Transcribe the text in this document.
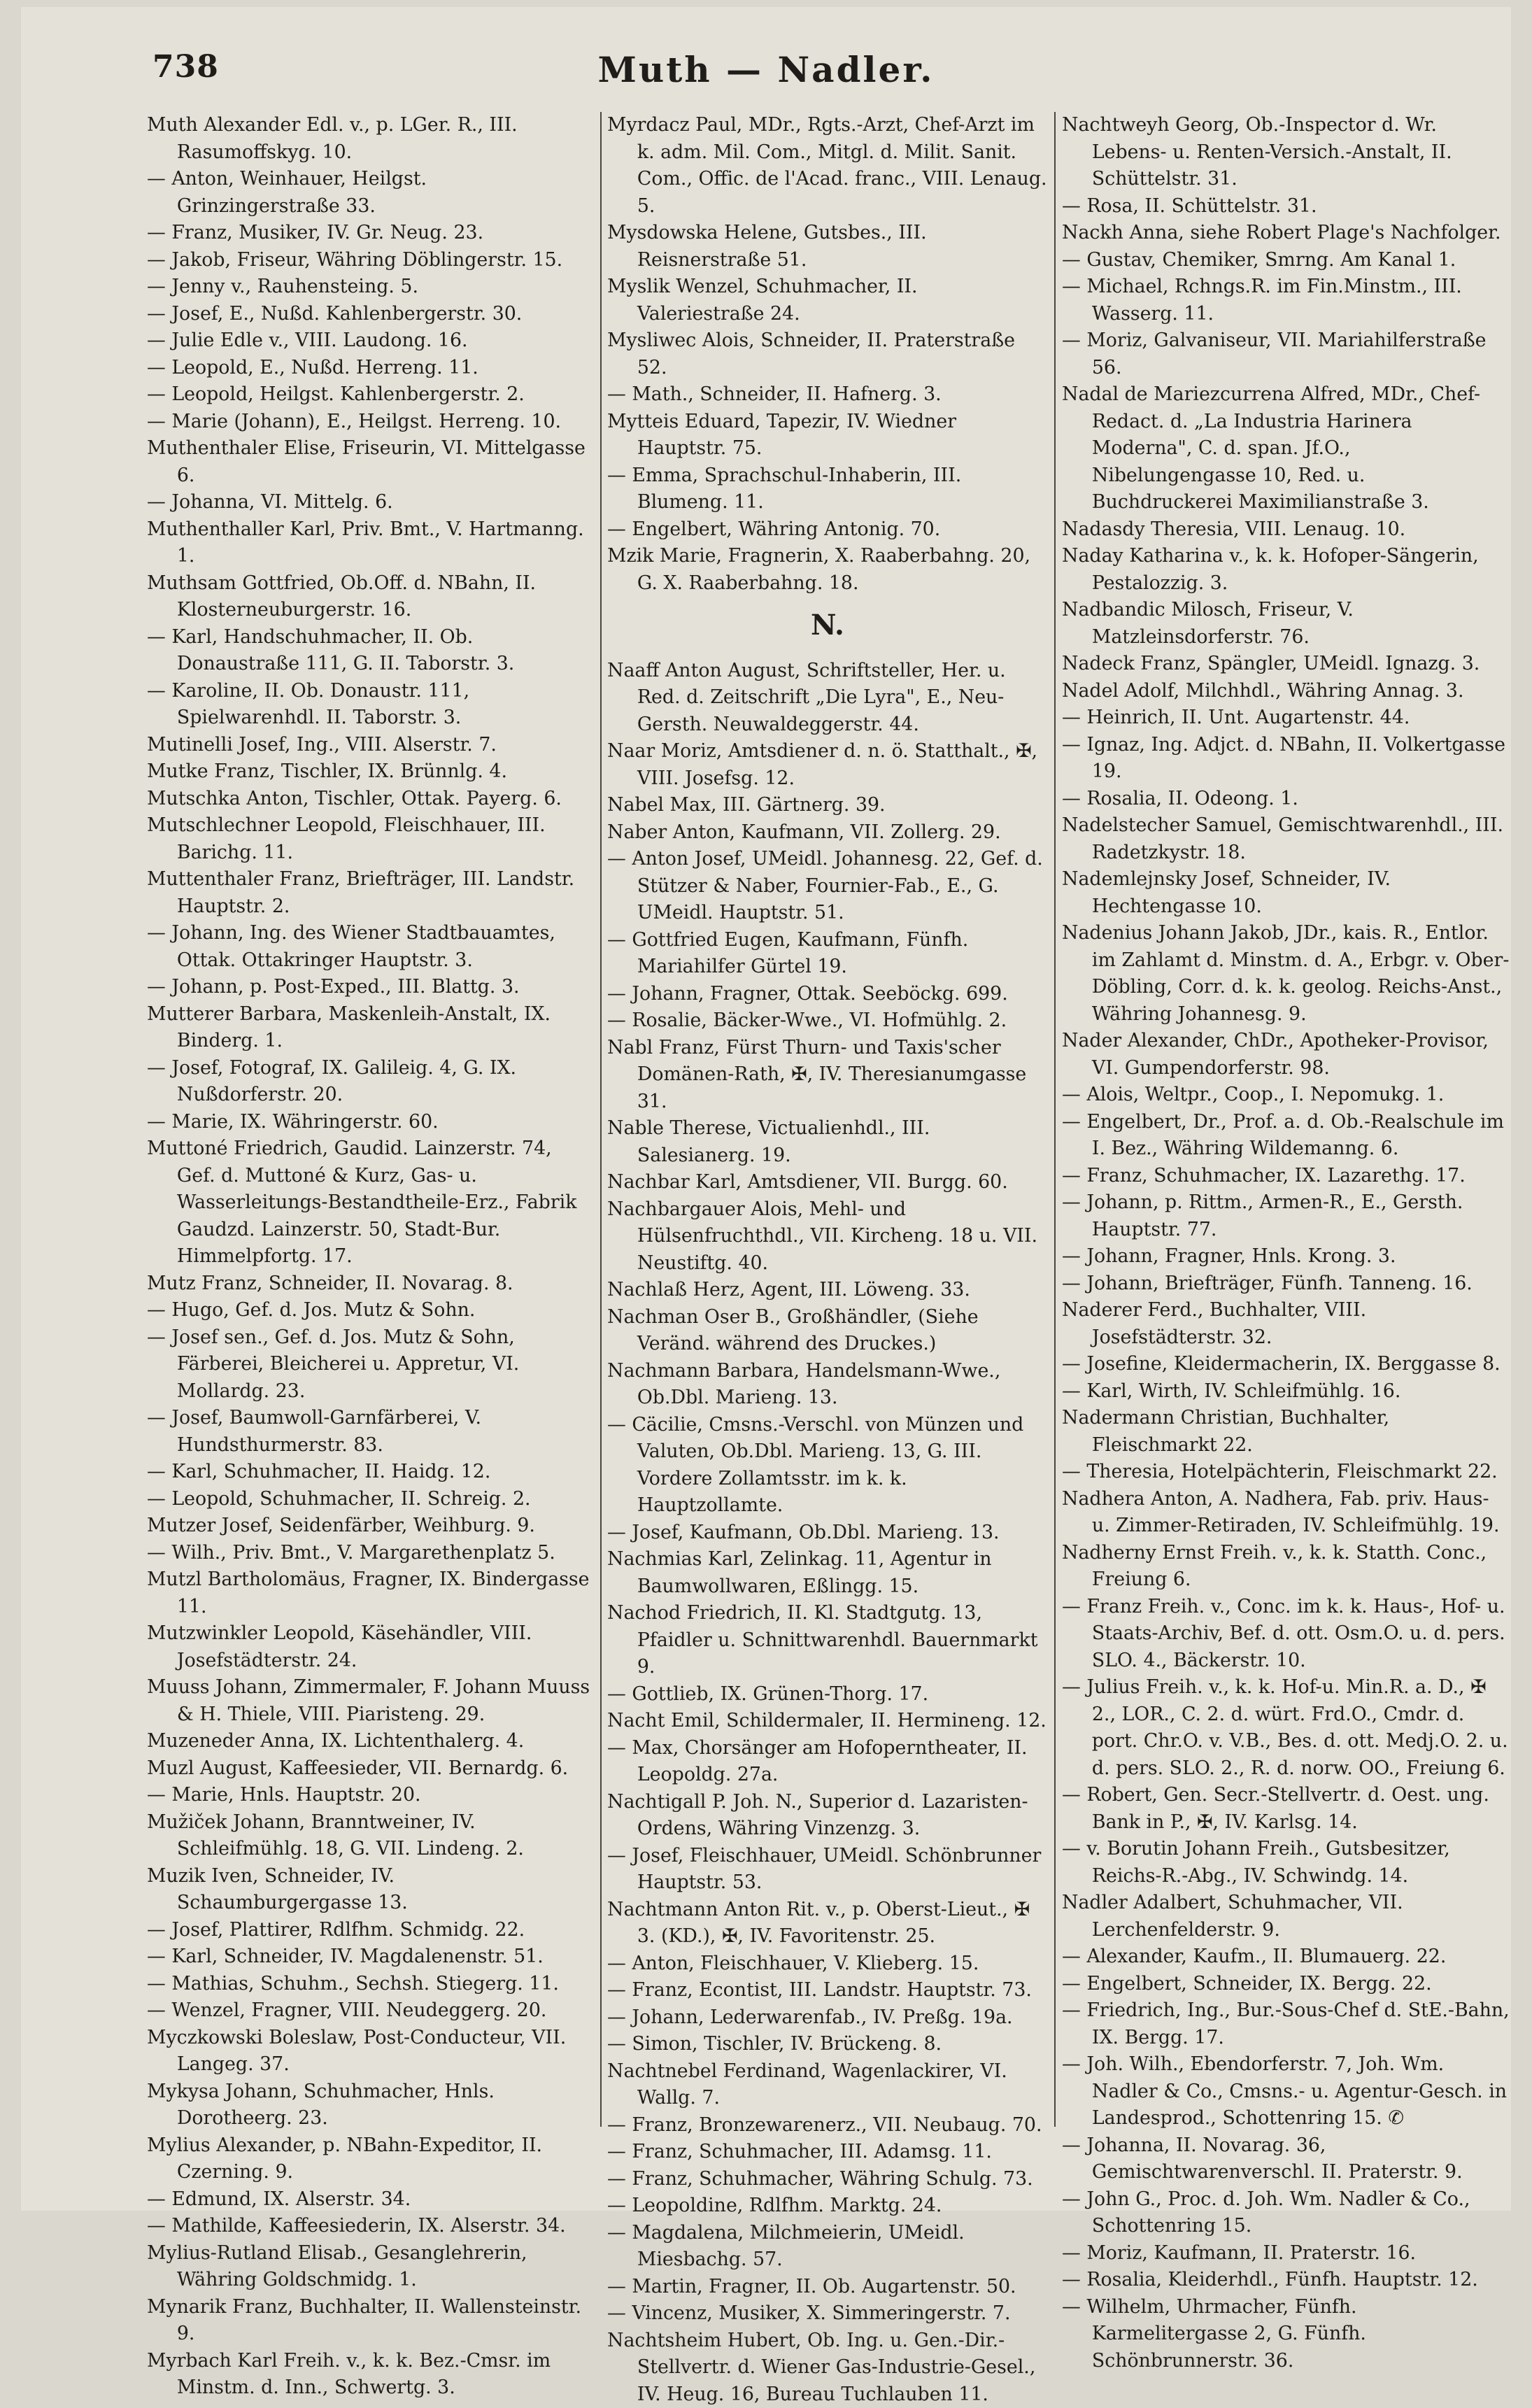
738	Muth — Nadler.
Muth Alexander Edl. v., p. LGer. R., III. Rasumoffskyg. 10.
— Anton, Weinhauer, Heilgst. Grinzingerstraße 33.
— Franz, Musiker, IV. Gr. Neug. 23.
— Jakob, Friseur, Währing Döblingerstr. 15.
— Jenny v., Rauhensteing. 5.
— Josef, E., Nußd. Kahlenbergerstr. 30.
— Julie Edle v., VIII. Laudong. 16.
— Leopold, E., Nußd. Herreng. 11.
— Leopold, Heilgst. Kahlenbergerstr. 2.
— Marie (Johann), E., Heilgst. Herreng. 10.
Muthenthaler Elise, Friseurin, VI. Mittelgasse 6.
— Johanna, VI. Mittelg. 6.
Muthenthaller Karl, Priv. Bmt., V. Hartmanng. 1.
Muthsam Gottfried, Ob.Off. d. NBahn, II. Klosterneuburgerstr. 16.
— Karl, Handschuhmacher, II. Ob. Donaustraße 111, G. II. Taborstr. 3.
— Karoline, II. Ob. Donaustr. 111, Spielwarenhdl. II. Taborstr. 3.
Mutinelli Josef, Ing., VIII. Alserstr. 7.
Mutke Franz, Tischler, IX. Brünnlg. 4.
Mutschka Anton, Tischler, Ottak. Payerg. 6.
Mutschlechner Leopold, Fleischhauer, III. Barichg. 11.
Muttenthaler Franz, Briefträger, III. Landstr. Hauptstr. 2.
— Johann, Ing. des Wiener Stadtbauamtes, Ottak. Ottakringer Hauptstr. 3.
— Johann, p. Post-Exped., III. Blattg. 3.
Mutterer Barbara, Maskenleih-Anstalt, IX. Binderg. 1.
— Josef, Fotograf, IX. Galileig. 4, G. IX. Nußdorferstr. 20.
— Marie, IX. Währingerstr. 60.
Muttoné Friedrich, Gaudid. Lainzerstr. 74, Gef. d. Muttoné & Kurz, Gas- u. Wasserleitungs-Bestandtheile-Erz., Fabrik Gaudzd. Lainzerstr. 50, Stadt-Bur. Himmelpfortg. 17.
Mutz Franz, Schneider, II. Novarag. 8.
— Hugo, Gef. d. Jos. Mutz & Sohn.
— Josef sen., Gef. d. Jos. Mutz & Sohn, Färberei, Bleicherei u. Appretur, VI. Mollardg. 23.
— Josef, Baumwoll-Garnfärberei, V. Hundsthurmerstr. 83.
— Karl, Schuhmacher, II. Haidg. 12.
— Leopold, Schuhmacher, II. Schreig. 2.
Mutzer Josef, Seidenfärber, Weihburg. 9.
— Wilh., Priv. Bmt., V. Margarethenplatz 5.
Mutzl Bartholomäus, Fragner, IX. Bindergasse 11.
Mutzwinkler Leopold, Käsehändler, VIII. Josefstädterstr. 24.
Muuss Johann, Zimmermaler, F. Johann Muuss & H. Thiele, VIII. Piaristeng. 29.
Muzeneder Anna, IX. Lichtenthalerg. 4.
Muzl August, Kaffeesieder, VII. Bernardg. 6.
— Marie, Hnls. Hauptstr. 20.
Mužiček Johann, Branntweiner, IV. Schleifmühlg. 18, G. VII. Lindeng. 2.
Muzik Iven, Schneider, IV. Schaumburgergasse 13.
— Josef, Plattirer, Rdlfhm. Schmidg. 22.
— Karl, Schneider, IV. Magdalenenstr. 51.
— Mathias, Schuhm., Sechsh. Stiegerg. 11.
— Wenzel, Fragner, VIII. Neudeggerg. 20.
Myczkowski Boleslaw, Post-Conducteur, VII. Langeg. 37.
Mykysa Johann, Schuhmacher, Hnls. Dorotheerg. 23.
Mylius Alexander, p. NBahn-Expeditor, II. Czerning. 9.
— Edmund, IX. Alserstr. 34.
— Mathilde, Kaffeesiederin, IX. Alserstr. 34.
Mylius-Rutland Elisab., Gesanglehrerin, Währing Goldschmidg. 1.
Mynarik Franz, Buchhalter, II. Wallensteinstr. 9.
Myrbach Karl Freih. v., k. k. Bez.-Cmsr. im Minstm. d. Inn., Schwertg. 3.
Myrdacz Paul, MDr., Rgts.-Arzt, Chef-Arzt im k. adm. Mil. Com., Mitgl. d. Milit. Sanit. Com., Offic. de l'Acad. franc., VIII. Lenaug. 5.
Mysdowska Helene, Gutsbes., III. Reisnerstraße 51.
Myslik Wenzel, Schuhmacher, II. Valeriestraße 24.
Mysliwec Alois, Schneider, II. Praterstraße 52.
— Math., Schneider, II. Hafnerg. 3.
Mytteis Eduard, Tapezir, IV. Wiedner Hauptstr. 75.
— Emma, Sprachschul-Inhaberin, III. Blumeng. 11.
— Engelbert, Währing Antonig. 70.
Mzik Marie, Fragnerin, X. Raaberbahng. 20, G. X. Raaberbahng. 18.
N.
Naaff Anton August, Schriftsteller, Her. u. Red. d. Zeitschrift „Die Lyra", E., Neu-Gersth. Neuwaldeggerstr. 44.
Naar Moriz, Amtsdiener d. n. ö. Statthalt., ✠, VIII. Josefsg. 12.
Nabel Max, III. Gärtnerg. 39.
Naber Anton, Kaufmann, VII. Zollerg. 29.
— Anton Josef, UMeidl. Johannesg. 22, Gef. d. Stützer & Naber, Fournier-Fab., E., G. UMeidl. Hauptstr. 51.
— Gottfried Eugen, Kaufmann, Fünfh. Mariahilfer Gürtel 19.
— Johann, Fragner, Ottak. Seeböckg. 699.
— Rosalie, Bäcker-Wwe., VI. Hofmühlg. 2.
Nabl Franz, Fürst Thurn- und Taxis'scher Domänen-Rath, ✠, IV. Theresianumgasse 31.
Nable Therese, Victualienhdl., III. Salesianerg. 19.
Nachbar Karl, Amtsdiener, VII. Burgg. 60.
Nachbargauer Alois, Mehl- und Hülsenfruchthdl., VII. Kircheng. 18 u. VII. Neustiftg. 40.
Nachlaß Herz, Agent, III. Löweng. 33.
Nachman Oser B., Großhändler, (Siehe Veränd. während des Druckes.)
Nachmann Barbara, Handelsmann-Wwe., Ob.Dbl. Marieng. 13.
— Cäcilie, Cmsns.-Verschl. von Münzen und Valuten, Ob.Dbl. Marieng. 13, G. III. Vordere Zollamtsstr. im k. k. Hauptzollamte.
— Josef, Kaufmann, Ob.Dbl. Marieng. 13.
Nachmias Karl, Zelinkag. 11, Agentur in Baumwollwaren, Eßlingg. 15.
Nachod Friedrich, II. Kl. Stadtgutg. 13, Pfaidler u. Schnittwarenhdl. Bauernmarkt 9.
— Gottlieb, IX. Grünen-Thorg. 17.
Nacht Emil, Schildermaler, II. Hermineng. 12.
— Max, Chorsänger am Hofoperntheater, II. Leopoldg. 27a.
Nachtigall P. Joh. N., Superior d. Lazaristen-Ordens, Währing Vinzenzg. 3.
— Josef, Fleischhauer, UMeidl. Schönbrunner Hauptstr. 53.
Nachtmann Anton Rit. v., p. Oberst-Lieut., ✠ 3. (KD.), ✠, IV. Favoritenstr. 25.
— Anton, Fleischhauer, V. Klieberg. 15.
— Franz, Econtist, III. Landstr. Hauptstr. 73.
— Johann, Lederwarenfab., IV. Preßg. 19a.
— Simon, Tischler, IV. Brückeng. 8.
Nachtnebel Ferdinand, Wagenlackirer, VI. Wallg. 7.
— Franz, Bronzewarenerz., VII. Neubaug. 70.
— Franz, Schuhmacher, III. Adamsg. 11.
— Franz, Schuhmacher, Währing Schulg. 73.
— Leopoldine, Rdlfhm. Marktg. 24.
— Magdalena, Milchmeierin, UMeidl. Miesbachg. 57.
— Martin, Fragner, II. Ob. Augartenstr. 50.
— Vincenz, Musiker, X. Simmeringerstr. 7.
Nachtsheim Hubert, Ob. Ing. u. Gen.-Dir.-Stellvertr. d. Wiener Gas-Industrie-Gesel., IV. Heug. 16, Bureau Tuchlauben 11.
Nachtweyh Georg, Ob.-Inspector d. Wr. Lebens- u. Renten-Versich.-Anstalt, II. Schüttelstr. 31.
— Rosa, II. Schüttelstr. 31.
Nackh Anna, siehe Robert Plage's Nachfolger.
— Gustav, Chemiker, Smrng. Am Kanal 1.
— Michael, Rchngs.R. im Fin.Minstm., III. Wasserg. 11.
— Moriz, Galvaniseur, VII. Mariahilferstraße 56.
Nadal de Mariezcurrena Alfred, MDr., Chef-Redact. d. „La Industria Harinera Moderna", C. d. span. Jf.O., Nibelungengasse 10, Red. u. Buchdruckerei Maximilianstraße 3.
Nadasdy Theresia, VIII. Lenaug. 10.
Naday Katharina v., k. k. Hofoper-Sängerin, Pestalozzig. 3.
Nadbandic Milosch, Friseur, V. Matzleinsdorferstr. 76.
Nadeck Franz, Spängler, UMeidl. Ignazg. 3.
Nadel Adolf, Milchhdl., Währing Annag. 3.
— Heinrich, II. Unt. Augartenstr. 44.
— Ignaz, Ing. Adjct. d. NBahn, II. Volkertgasse 19.
— Rosalia, II. Odeong. 1.
Nadelstecher Samuel, Gemischtwarenhdl., III. Radetzkystr. 18.
Nademlejnsky Josef, Schneider, IV. Hechtengasse 10.
Nadenius Johann Jakob, JDr., kais. R., Entlor. im Zahlamt d. Minstm. d. A., Erbgr. v. Ober-Döbling, Corr. d. k. k. geolog. Reichs-Anst., Währing Johannesg. 9.
Nader Alexander, ChDr., Apotheker-Provisor, VI. Gumpendorferstr. 98.
— Alois, Weltpr., Coop., I. Nepomukg. 1.
— Engelbert, Dr., Prof. a. d. Ob.-Realschule im I. Bez., Währing Wildemanng. 6.
— Franz, Schuhmacher, IX. Lazarethg. 17.
— Johann, p. Rittm., Armen-R., E., Gersth. Hauptstr. 77.
— Johann, Fragner, Hnls. Krong. 3.
— Johann, Briefträger, Fünfh. Tanneng. 16.
Naderer Ferd., Buchhalter, VIII. Josefstädterstr. 32.
— Josefine, Kleidermacherin, IX. Berggasse 8.
— Karl, Wirth, IV. Schleifmühlg. 16.
Nadermann Christian, Buchhalter, Fleischmarkt 22.
— Theresia, Hotelpächterin, Fleischmarkt 22.
Nadhera Anton, A. Nadhera, Fab. priv. Haus- u. Zimmer-Retiraden, IV. Schleifmühlg. 19.
Nadherny Ernst Freih. v., k. k. Statth. Conc., Freiung 6.
— Franz Freih. v., Conc. im k. k. Haus-, Hof- u. Staats-Archiv, Bef. d. ott. Osm.O. u. d. pers. SLO. 4., Bäckerstr. 10.
— Julius Freih. v., k. k. Hof-u. Min.R. a. D., ✠ 2., LOR., C. 2. d. würt. Frd.O., Cmdr. d. port. Chr.O. v. V.B., Bes. d. ott. Medj.O. 2. u. d. pers. SLO. 2., R. d. norw. OO., Freiung 6.
— Robert, Gen. Secr.-Stellvertr. d. Oest. ung. Bank in P., ✠, IV. Karlsg. 14.
— v. Borutin Johann Freih., Gutsbesitzer, Reichs-R.-Abg., IV. Schwindg. 14.
Nadler Adalbert, Schuhmacher, VII. Lerchenfelderstr. 9.
— Alexander, Kaufm., II. Blumauerg. 22.
— Engelbert, Schneider, IX. Bergg. 22.
— Friedrich, Ing., Bur.-Sous-Chef d. StE.-Bahn, IX. Bergg. 17.
— Joh. Wilh., Ebendorferstr. 7, Joh. Wm. Nadler & Co., Cmsns.- u. Agentur-Gesch. in Landesprod., Schottenring 15. ✆
— Johanna, II. Novarag. 36, Gemischtwarenverschl. II. Praterstr. 9.
— John G., Proc. d. Joh. Wm. Nadler & Co., Schottenring 15.
— Moriz, Kaufmann, II. Praterstr. 16.
— Rosalia, Kleiderhdl., Fünfh. Hauptstr. 12.
— Wilhelm, Uhrmacher, Fünfh. Karmelitergasse 2, G. Fünfh. Schönbrunnerstr. 36.
